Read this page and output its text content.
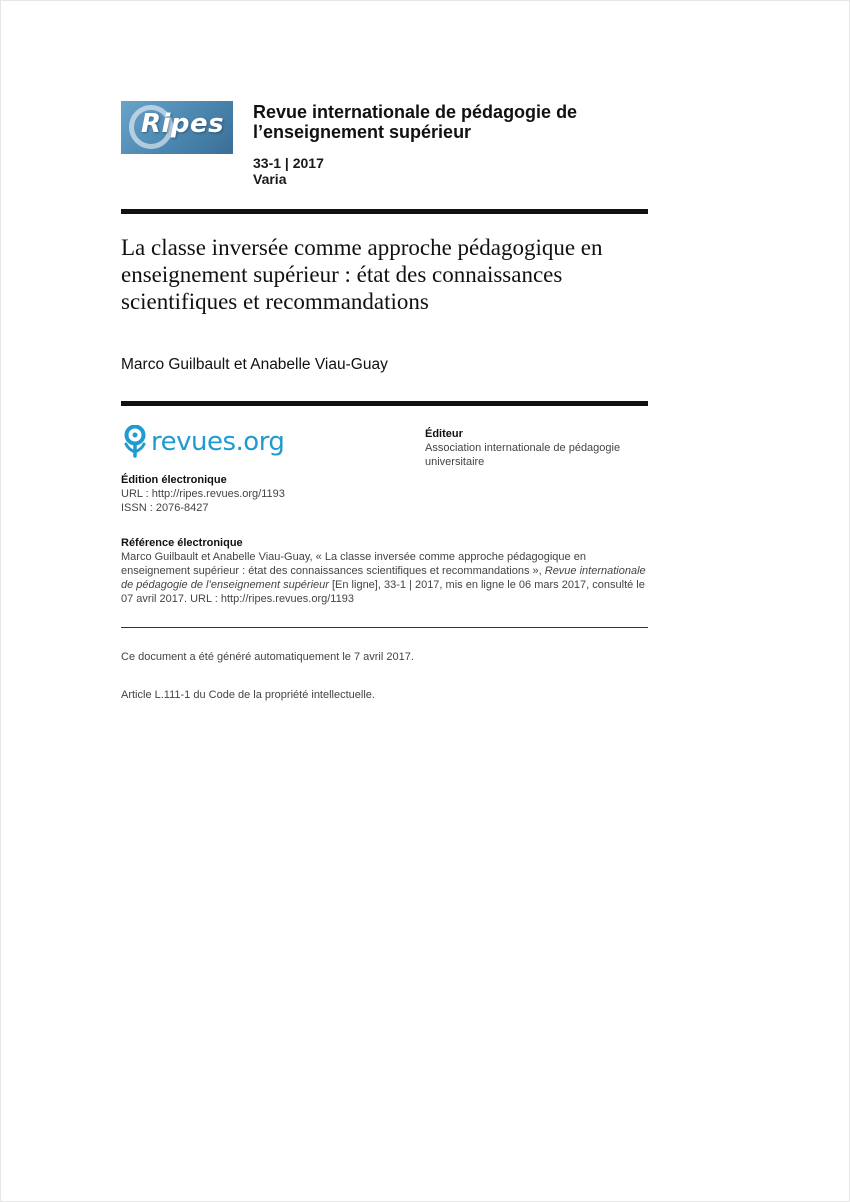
Ripes Revue internationale de pédagogie de l’enseignement supérieur
33-1 | 2017
Varia
La classe inversée comme approche pédagogique en enseignement supérieur : état des connaissances scientifiques et recommandations
Marco Guilbault et Anabelle Viau-Guay
revues.org	Éditeur

Association internationale de pédagogie universitaire

Édition électronique

URL : http://ripes.revues.org/1193

ISSN : 2076-8427

Référence électronique

Marco Guilbault et Anabelle Viau-Guay, « La classe inversée comme approche pédagogique en enseignement supérieur : état des connaissances scientifiques et recommandations », Revue internationale de pédagogie de l’enseignement supérieur [En ligne], 33-1 | 2017, mis en ligne le 06 mars 2017, consulté le 07 avril 2017. URL : http://ripes.revues.org/1193

Ce document a été généré automatiquement le 7 avril 2017.

Article L.111-1 du Code de la propriété intellectuelle.
